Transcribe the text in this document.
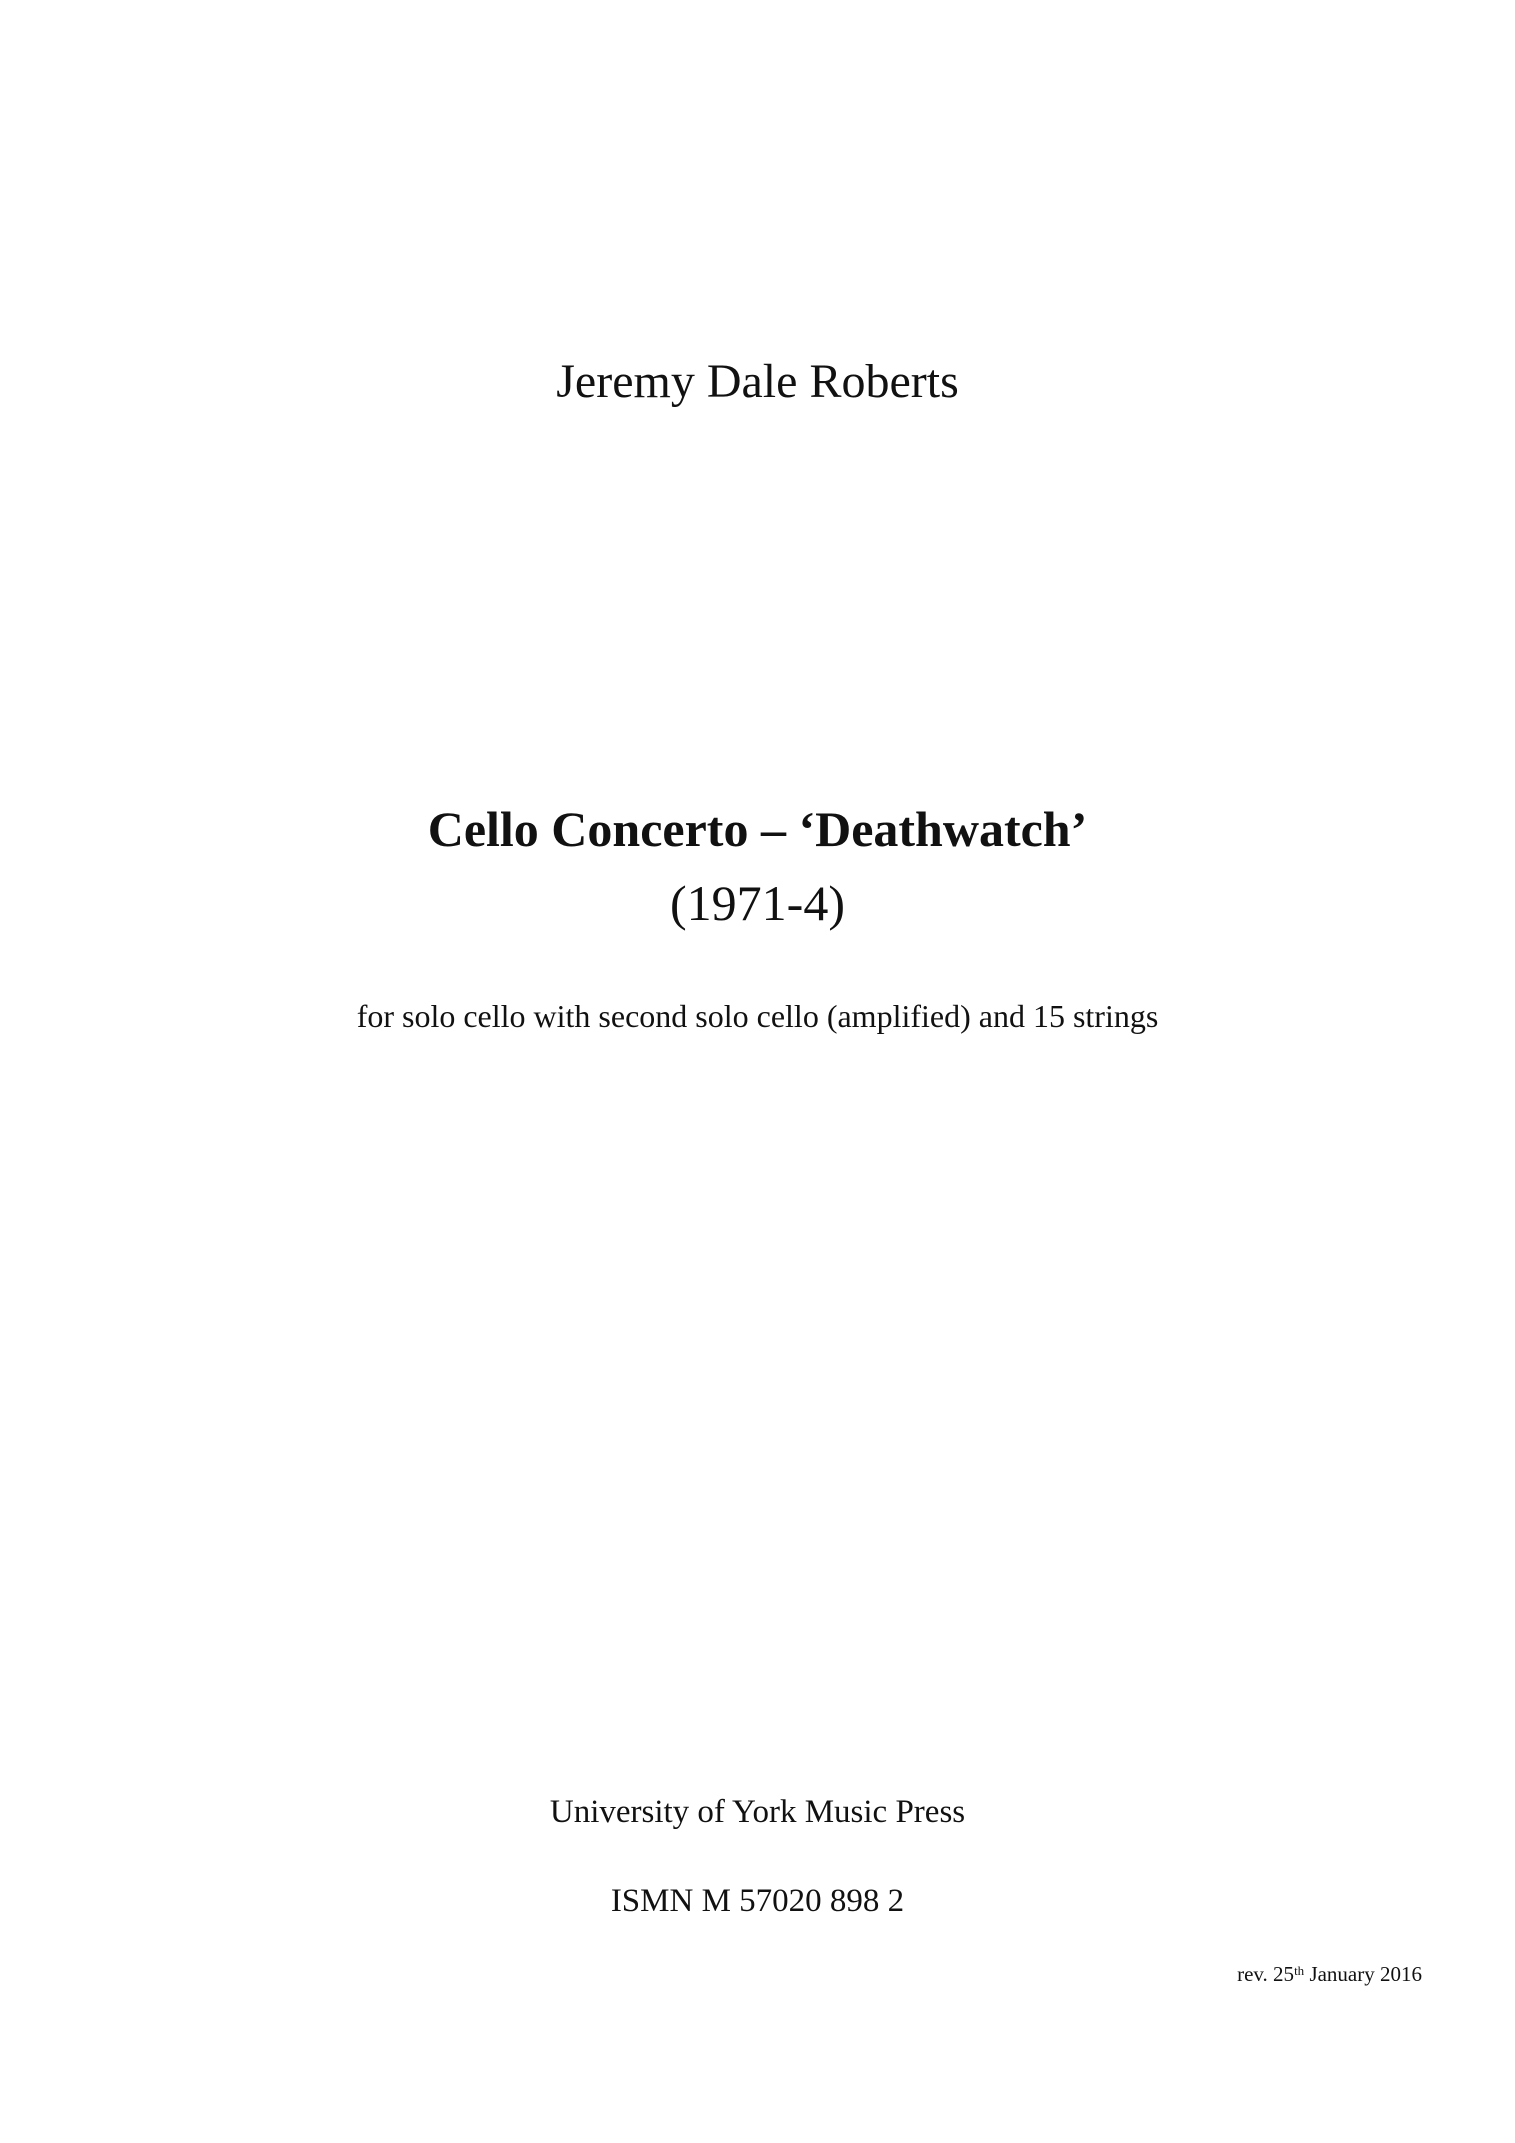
Jeremy Dale Roberts
Cello Concerto – ‘Deathwatch’
(1971-4)
for solo cello with second solo cello (amplified) and 15 strings
University of York Music Press
ISMN M 57020 898 2
rev. 25th January 2016
